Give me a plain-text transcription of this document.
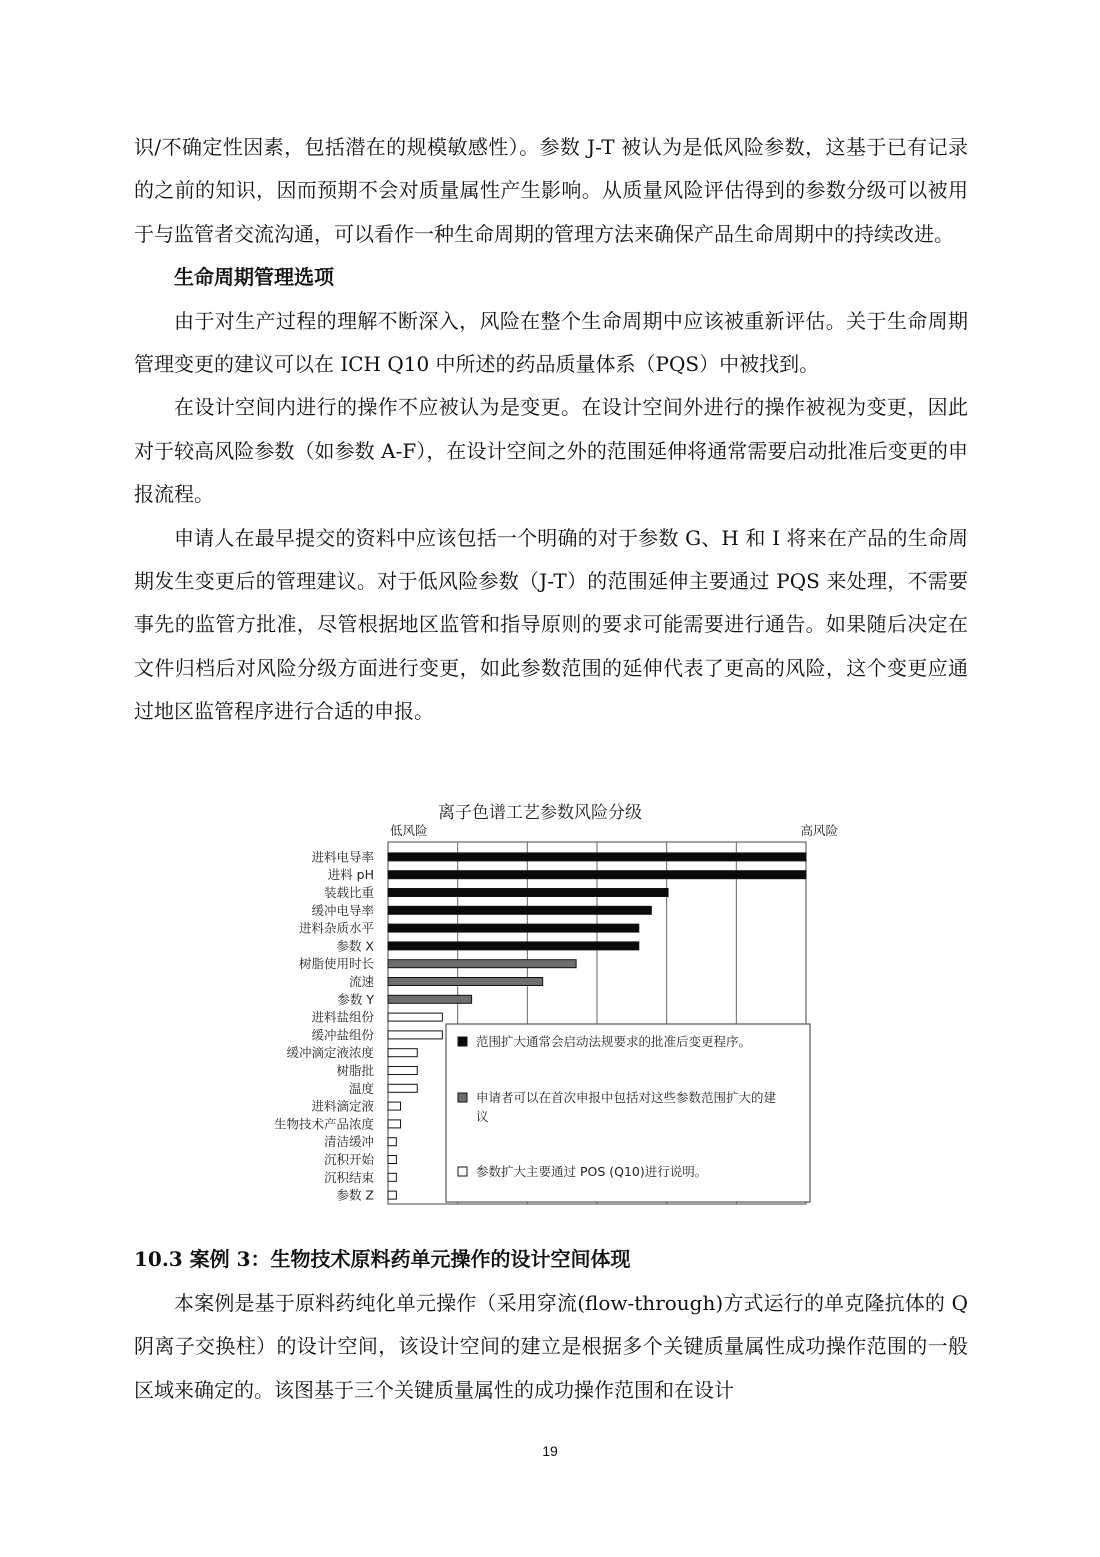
识/不确定性因素，包括潜在的规模敏感性）。参数 J-T 被认为是低风险参数，这基于已有记录的之前的知识，因而预期不会对质量属性产生影响。从质量风险评估得到的参数分级可以被用于与监管者交流沟通，可以看作一种生命周期的管理方法来确保产品生命周期中的持续改进。

生命周期管理选项

由于对生产过程的理解不断深入，风险在整个生命周期中应该被重新评估。关于生命周期管理变更的建议可以在 ICH Q10 中所述的药品质量体系（PQS）中被找到。

在设计空间内进行的操作不应被认为是变更。在设计空间外进行的操作被视为变更，因此对于较高风险参数（如参数 A-F），在设计空间之外的范围延伸将通常需要启动批准后变更的申报流程。

申请人在最早提交的资料中应该包括一个明确的对于参数 G、H 和 I 将来在产品的生命周期发生变更后的管理建议。对于低风险参数（J-T）的范围延伸主要通过 PQS 来处理，不需要事先的监管方批准，尽管根据地区监管和指导原则的要求可能需要进行通告。如果随后决定在文件归档后对风险分级方面进行变更，如此参数范围的延伸代表了更高的风险，这个变更应通过地区监管程序进行合适的申报。

离子色谱工艺参数风险分级
低风险	高风险
进料电导率
进料 pH
装载比重
缓冲电导率
进料杂质水平
参数 X
树脂使用时长
流速
参数 Y
进料盐组份
缓冲盐组份
缓冲滴定液浓度
树脂批
温度
进料滴定液
生物技术产品浓度
清洁缓冲
沉积开始
沉积结束
参数 Z
范围扩大通常会启动法规要求的批准后变更程序。
申请者可以在首次申报中包括对这些参数范围扩大的建
议
参数扩大主要通过 POS (Q10)进行说明。

10.3 案例 3：生物技术原料药单元操作的设计空间体现

本案例是基于原料药纯化单元操作（采用穿流(flow-through)方式运行的单克隆抗体的 Q 阴离子交换柱）的设计空间，该设计空间的建立是根据多个关键质量属性成功操作范围的一般区域来确定的。该图基于三个关键质量属性的成功操作范围和在设计

19
